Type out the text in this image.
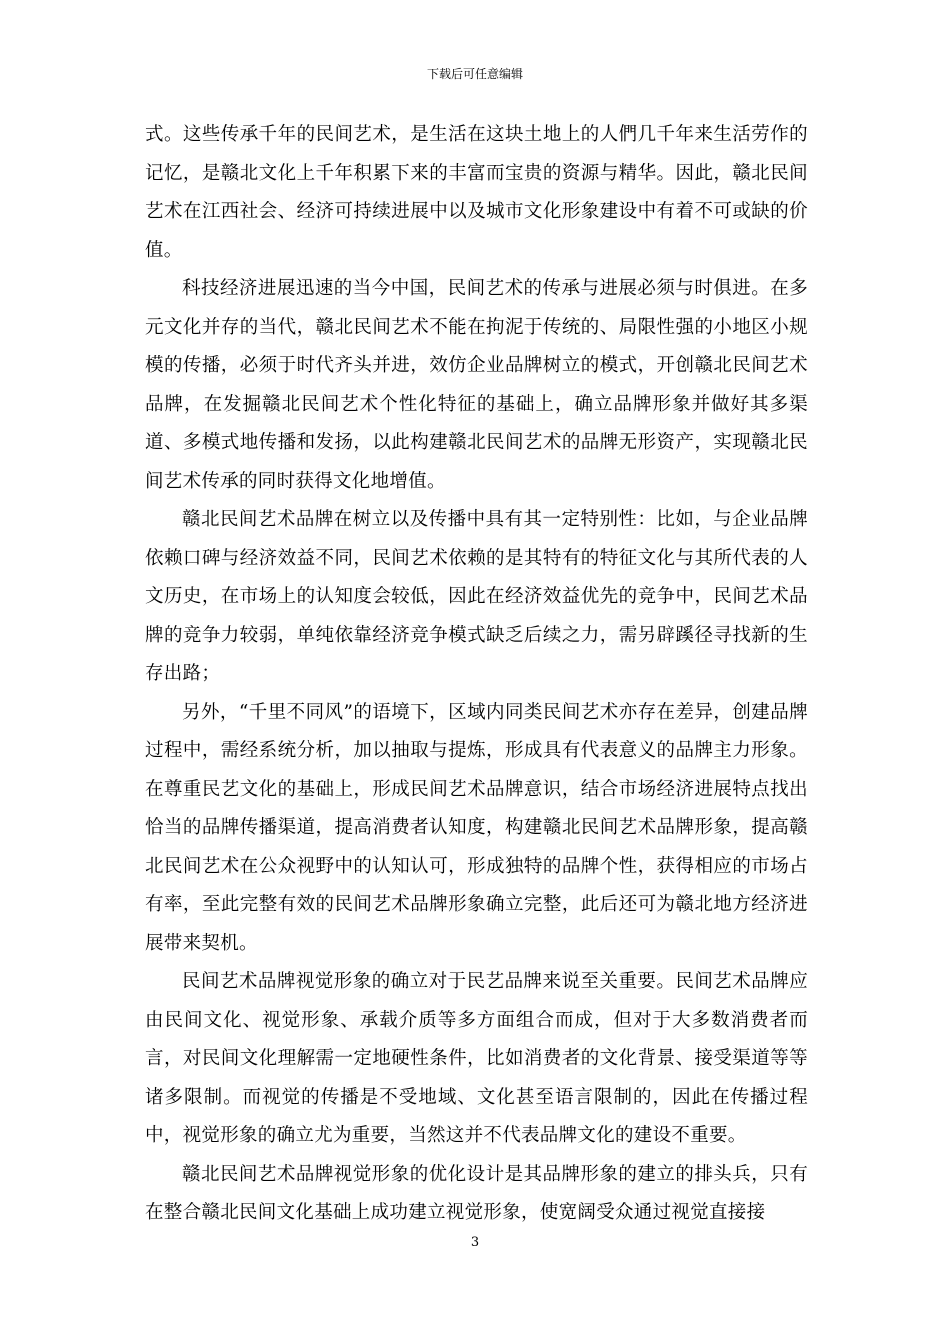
下载后可任意编辑

式。这些传承千年的民间艺术，是生活在这块土地上的人們几千年来生活劳作的记忆，是赣北文化上千年积累下来的丰富而宝贵的资源与精华。因此，赣北民间艺术在江西社会、经济可持续进展中以及城市文化形象建设中有着不可或缺的价值。

科技经济进展迅速的当今中国，民间艺术的传承与进展必须与时俱进。在多元文化并存的当代，赣北民间艺术不能在拘泥于传统的、局限性强的小地区小规模的传播，必须于时代齐头并进，效仿企业品牌树立的模式，开创赣北民间艺术品牌，在发掘赣北民间艺术个性化特征的基础上，确立品牌形象并做好其多渠道、多模式地传播和发扬，以此构建赣北民间艺术的品牌无形资产，实现赣北民间艺术传承的同时获得文化地增值。

赣北民间艺术品牌在树立以及传播中具有其一定特别性：比如，与企业品牌依赖口碑与经济效益不同，民间艺术依赖的是其特有的特征文化与其所代表的人文历史，在市场上的认知度会较低，因此在经济效益优先的竞争中，民间艺术品牌的竞争力较弱，单纯依靠经济竞争模式缺乏后续之力，需另辟蹊径寻找新的生存出路；

另外，“千里不同风”的语境下，区域内同类民间艺术亦存在差异，创建品牌过程中，需经系统分析，加以抽取与提炼，形成具有代表意义的品牌主力形象。在尊重民艺文化的基础上，形成民间艺术品牌意识，结合市场经济进展特点找出恰当的品牌传播渠道，提高消费者认知度，构建赣北民间艺术品牌形象，提高赣北民间艺术在公众视野中的认知认可，形成独特的品牌个性，获得相应的市场占有率，至此完整有效的民间艺术品牌形象确立完整，此后还可为赣北地方经济进展带来契机。

民间艺术品牌视觉形象的确立对于民艺品牌来说至关重要。民间艺术品牌应由民间文化、视觉形象、承载介质等多方面组合而成，但对于大多数消费者而言，对民间文化理解需一定地硬性条件，比如消费者的文化背景、接受渠道等等诸多限制。而视觉的传播是不受地域、文化甚至语言限制的，因此在传播过程中，视觉形象的确立尤为重要，当然这并不代表品牌文化的建设不重要。

赣北民间艺术品牌视觉形象的优化设计是其品牌形象的建立的排头兵，只有在整合赣北民间文化基础上成功建立视觉形象，使宽阔受众通过视觉直接接

3
